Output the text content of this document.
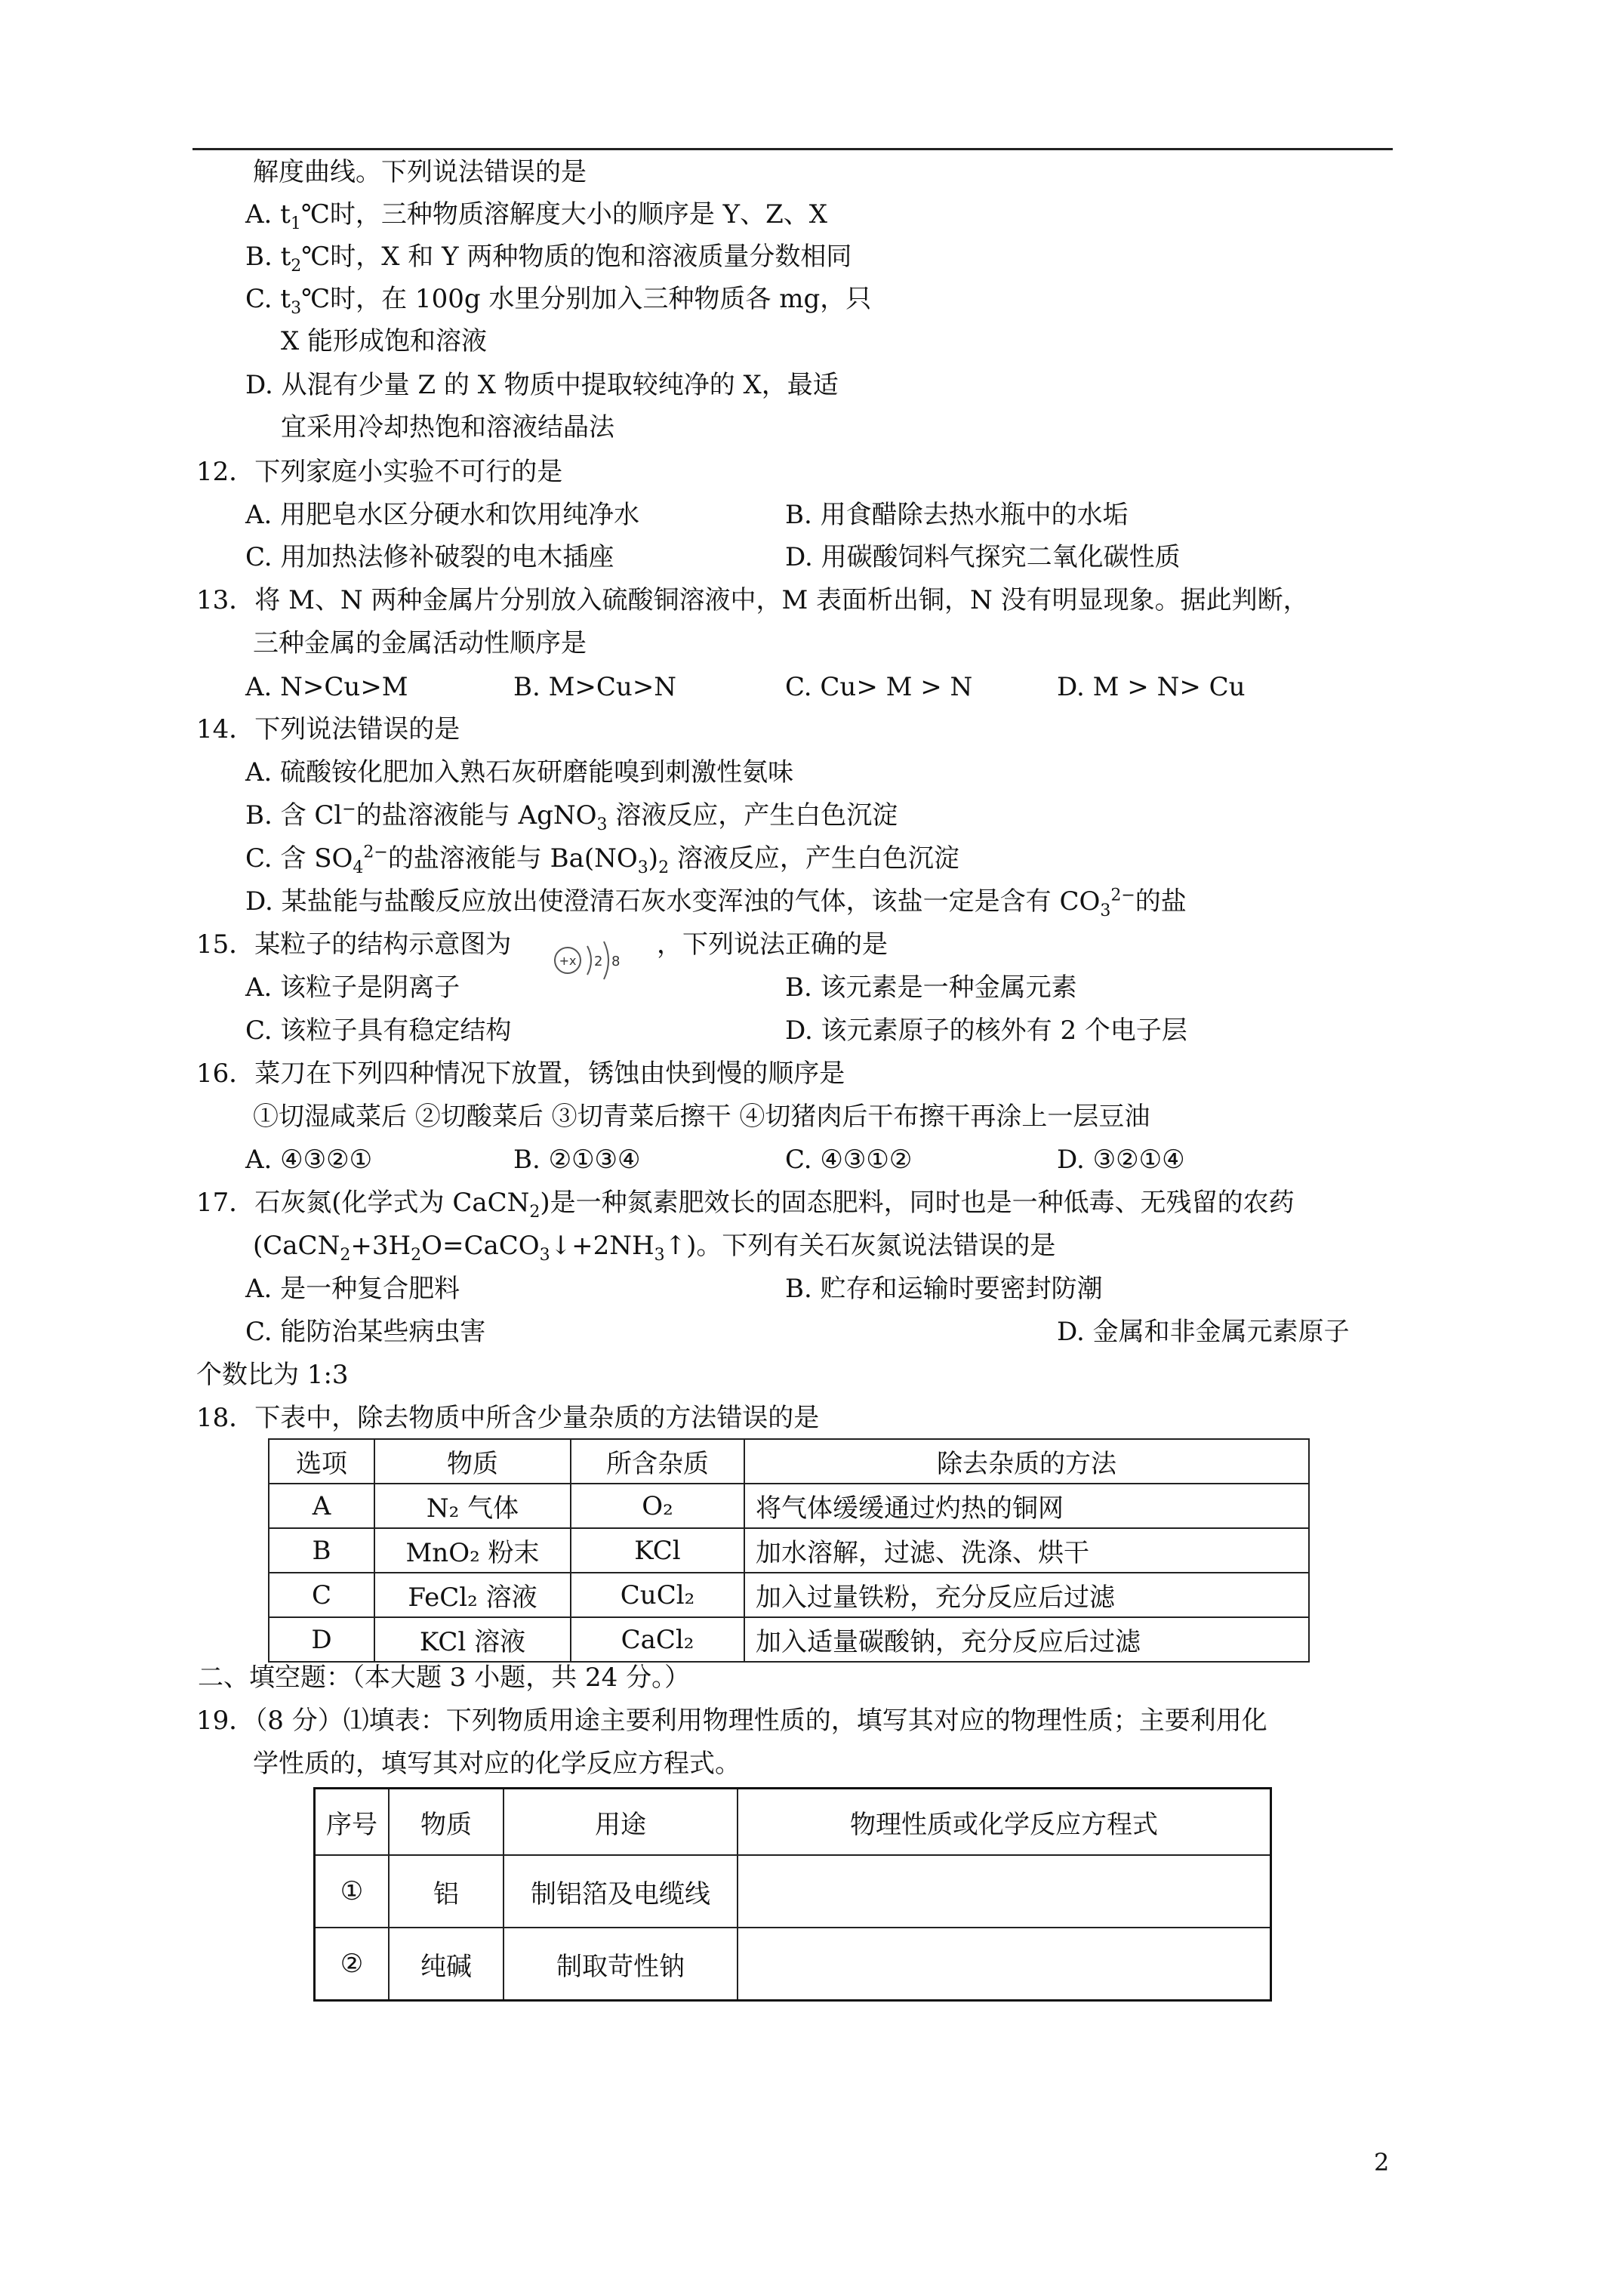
解度曲线。下列说法错误的是
A. $t_1℃$时，三种物质溶解度大小的顺序是 Y、Z、X
B. $t_2℃$时，X 和 Y 两种物质的饱和溶液质量分数相同
C. $t_3℃$时，在 100g 水里分别加入三种物质各 mg，只
X 能形成饱和溶液
D. 从混有少量 Z 的 X 物质中提取较纯净的 X，最适
宜采用冷却热饱和溶液结晶法
12．下列家庭小实验不可行的是
A. 用肥皂水区分硬水和饮用纯净水	B. 用食醋除去热水瓶中的水垢
C. 用加热法修补破裂的电木插座	D. 用碳酸饲料气探究二氧化碳性质
13．将 M、N 两种金属片分别放入硫酸铜溶液中，M 表面析出铜，N 没有明显现象。据此判断，
三种金属的金属活动性顺序是
A. N>Cu>M	B. M>Cu>N	C. Cu> M > N	D. M > N> Cu
14．下列说法错误的是
A. 硫酸铵化肥加入熟石灰研磨能嗅到刺激性氨味
B. 含 Cl−的盐溶液能与 AgNO$_3$ 溶液反应，产生白色沉淀
C. 含 $SO_4^{2-}$的盐溶液能与 $Ba(NO_3)_2$ 溶液反应，产生白色沉淀
D. 某盐能与盐酸反应放出使澄清石灰水变浑浊的气体，该盐一定是含有 $CO_3^{2-}$的盐
15．某粒子的结构示意图为
+x 2 8
，下列说法正确的是
A. 该粒子是阴离子	B. 该元素是一种金属元素
C. 该粒子具有稳定结构	D. 该元素原子的核外有 2 个电子层
16．菜刀在下列四种情况下放置，锈蚀由快到慢的顺序是
①切湿咸菜后 ②切酸菜后 ③切青菜后擦干 ④切猪肉后干布擦干再涂上一层豆油
A. ④③②①	B. ②①③④	C. ④③①②	D. ③②①④
17．石灰氮(化学式为 CaCN$_2$)是一种氮素肥效长的固态肥料，同时也是一种低毒、无残留的农药
$(CaCN_2+3H_2O=CaCO_3↓+2NH_3↑)$。下列有关石灰氮说法错误的是
A. 是一种复合肥料	B. 贮存和运输时要密封防潮
C. 能防治某些病虫害	D. 金属和非金属元素原子
个数比为 1:3
18．下表中，除去物质中所含少量杂质的方法错误的是
选项	物质	所含杂质	除去杂质的方法
A	N₂ 气体	O₂	将气体缓缓通过灼热的铜网
B	MnO₂ 粉末	KCl	加水溶解，过滤、洗涤、烘干
C	FeCl₂ 溶液	CuCl₂	加入过量铁粉，充分反应后过滤
D	KCl 溶液	CaCl₂	加入适量碳酸钠，充分反应后过滤
二、填空题：（本大题 3 小题，共 24 分。）
19．（8 分）⑴填表：下列物质用途主要利用物理性质的，填写其对应的物理性质；主要利用化
学性质的，填写其对应的化学反应方程式。
序号	物质	用途	物理性质或化学反应方程式
①	铝	制铝箔及电缆线	
②	纯碱	制取苛性钠	
2
